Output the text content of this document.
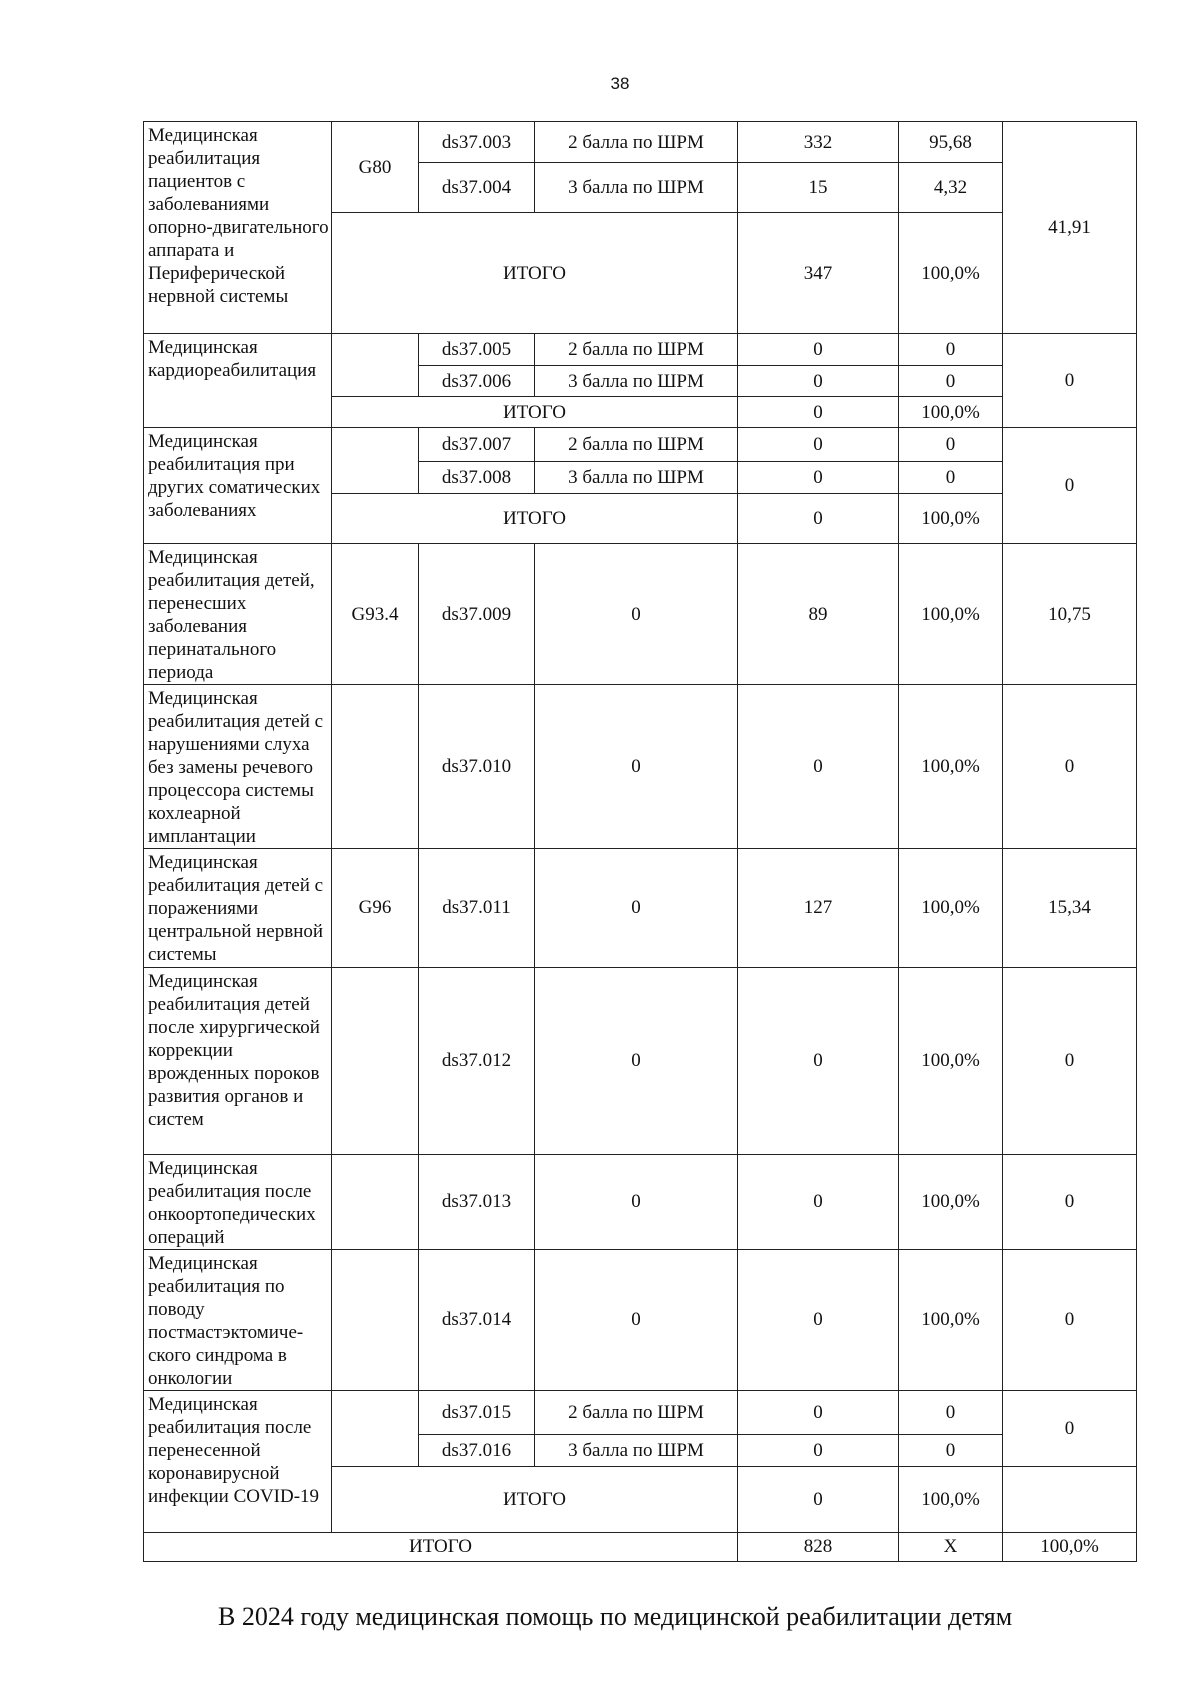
38
Медицинская реабилитация пациентов с заболеваниями опорно-двигательного аппарата и Периферической нервной системы	G80	ds37.003	2 балла по ШРМ	332	95,68	41,91
		ds37.004	3 балла по ШРМ	15	4,32	
	ИТОГО			347	100,0%	
Медицинская кардиореабилитация		ds37.005	2 балла по ШРМ	0	0	0
		ds37.006	3 балла по ШРМ	0	0	
	ИТОГО			0	100,0%	
Медицинская реабилитация при других соматических заболеваниях		ds37.007	2 балла по ШРМ	0	0	0
		ds37.008	3 балла по ШРМ	0	0	
	ИТОГО			0	100,0%	
Медицинская реабилитация детей, перенесших заболевания перинатального периода	G93.4	ds37.009	0	89	100,0%	10,75
Медицинская реабилитация детей с нарушениями слуха без замены речевого процессора системы кохлеарной имплантации		ds37.010	0	0	100,0%	0
Медицинская реабилитация детей с поражениями центральной нервной системы	G96	ds37.011	0	127	100,0%	15,34
Медицинская реабилитация детей после хирургической коррекции врожденных пороков развития органов и систем		ds37.012	0	0	100,0%	0
Медицинская реабилитация после онкоортопедических операций		ds37.013	0	0	100,0%	0
Медицинская реабилитация по поводу постмастэктомиче-ского синдрома в онкологии		ds37.014	0	0	100,0%	0
Медицинская реабилитация после перенесенной коронавирусной инфекции COVID-19		ds37.015	2 балла по ШРМ	0	0	0
		ds37.016	3 балла по ШРМ	0	0	
	ИТОГО			0	100,0%	
ИТОГО				828	X	100,0%
В 2024 году медицинская помощь по медицинской реабилитации детям
